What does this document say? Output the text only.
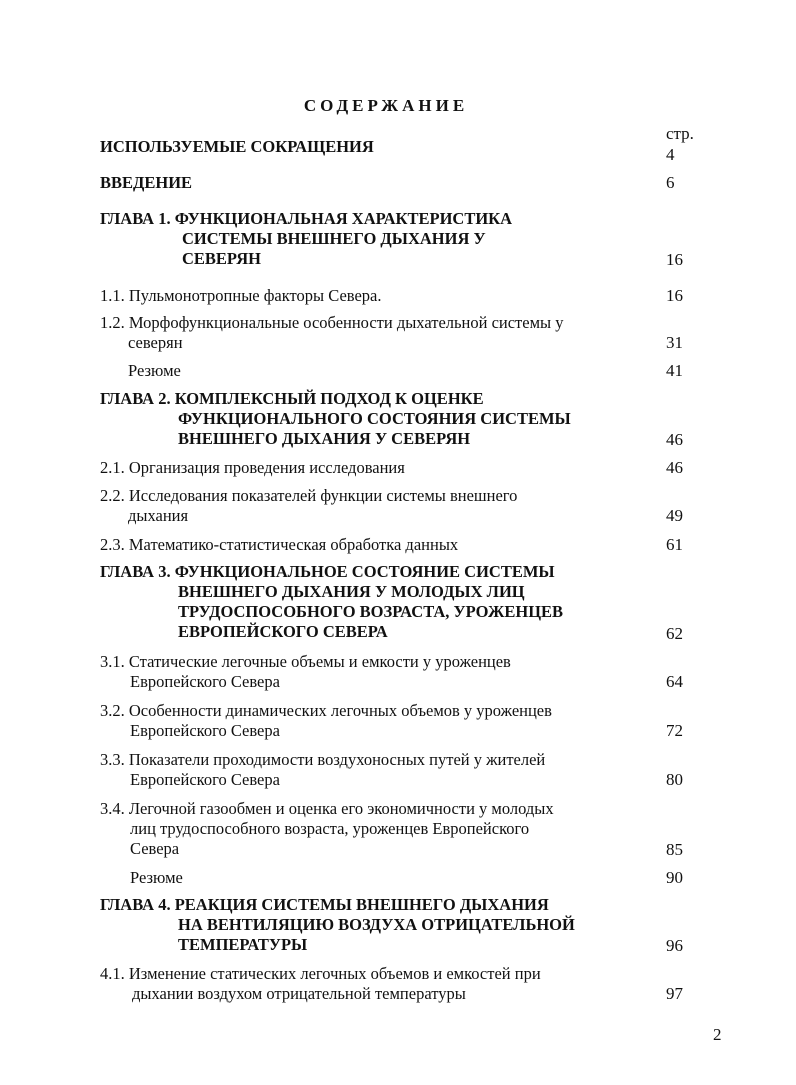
СОДЕРЖАНИЕ
стр.
ИСПОЛЬЗУЕМЫЕ СОКРАЩЕНИЯ	4
ВВЕДЕНИЕ	6
ГЛАВА 1. ФУНКЦИОНАЛЬНАЯ ХАРАКТЕРИСТИКА
СИСТЕМЫ ВНЕШНЕГО ДЫХАНИЯ У
СЕВЕРЯН	16
1.1. Пульмонотропные факторы Севера.	16
1.2. Морфофункциональные особенности дыхательной системы у
северян	31
Резюме	41
ГЛАВА 2. КОМПЛЕКСНЫЙ ПОДХОД К ОЦЕНКЕ
ФУНКЦИОНАЛЬНОГО СОСТОЯНИЯ СИСТЕМЫ
ВНЕШНЕГО ДЫХАНИЯ У СЕВЕРЯН	46
2.1. Организация проведения исследования	46
2.2. Исследования показателей функции системы внешнего
дыхания	49
2.3. Математико-статистическая обработка данных	61
ГЛАВА 3. ФУНКЦИОНАЛЬНОЕ СОСТОЯНИЕ СИСТЕМЫ
ВНЕШНЕГО ДЫХАНИЯ У МОЛОДЫХ ЛИЦ
ТРУДОСПОСОБНОГО ВОЗРАСТА, УРОЖЕНЦЕВ
ЕВРОПЕЙСКОГО СЕВЕРА	62
3.1. Статические легочные объемы и емкости у уроженцев
Европейского Севера	64
3.2. Особенности динамических легочных объемов у уроженцев
Европейского Севера	72
3.3. Показатели проходимости воздухоносных путей у жителей
Европейского Севера	80
3.4. Легочной газообмен и оценка его экономичности у молодых
лиц трудоспособного возраста, уроженцев Европейского
Севера	85
Резюме	90
ГЛАВА 4. РЕАКЦИЯ СИСТЕМЫ ВНЕШНЕГО ДЫХАНИЯ
НА ВЕНТИЛЯЦИЮ ВОЗДУХА ОТРИЦАТЕЛЬНОЙ
ТЕМПЕРАТУРЫ	96
4.1. Изменение статических легочных объемов и емкостей при
дыхании воздухом отрицательной температуры	97
2
